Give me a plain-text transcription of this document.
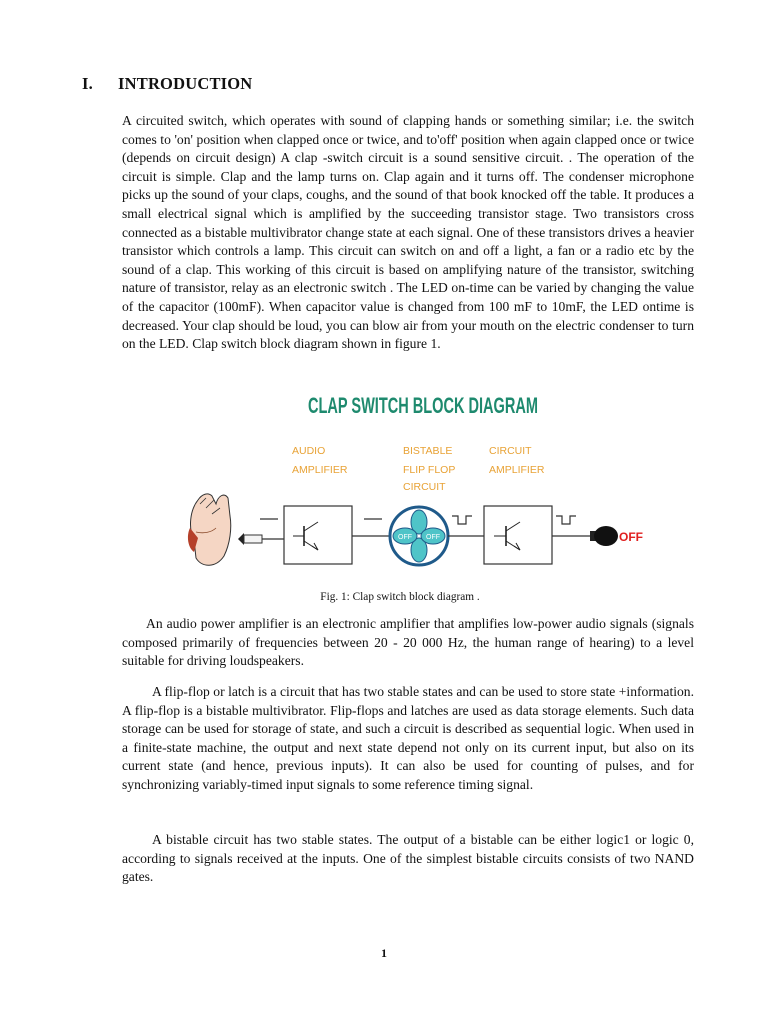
I. INTRODUCTION

A circuited switch, which operates with sound of clapping hands or something similar; i.e. the switch comes to 'on' position when clapped once or twice, and to'off' position when again clapped once or twice (depends on circuit design) A clap -switch circuit is a sound sensitive circuit. . The operation of the circuit is simple. Clap and the lamp turns on. Clap again and it turns off. The condenser microphone picks up the sound of your claps, coughs, and the sound of that book knocked off the table. It produces a small electrical signal which is amplified by the succeeding transistor stage. Two transistors cross connected as a bistable multivibrator change state at each signal. One of these transistors drives a heavier transistor which controls a lamp. This circuit can switch on and off a light, a fan or a radio etc by the sound of a clap. This working of this circuit is based on amplifying nature of the transistor, switching nature of transistor, relay as an electronic switch . The LED on-time can be varied by changing the value of the capacitor (100mF). When capacitor value is changed from 100 mF to 10mF, the LED ontime is decreased. Your clap should be loud, you can blow air from your mouth on the electric condenser to turn on the LED. Clap switch block diagram shown in figure 1.

CLAP SWITCH BLOCK DIAGRAM
AUDIO
AMPLIFIER
BISTABLE
FLIP FLOP
CIRCUIT
CIRCUIT
AMPLIFIER
OFF OFF	OFF
Fig. 1: Clap switch block diagram .

An audio power amplifier is an electronic amplifier that amplifies low-power audio signals (signals composed primarily of frequencies between 20 - 20 000 Hz, the human range of hearing) to a level suitable for driving loudspeakers.

A flip-flop or latch is a circuit that has two stable states and can be used to store state +information. A flip-flop is a bistable multivibrator. Flip-flops and latches are used as data storage elements. Such data storage can be used for storage of state, and such a circuit is described as sequential logic. When used in a finite-state machine, the output and next state depend not only on its current input, but also on its current state (and hence, previous inputs). It can also be used for counting of pulses, and for synchronizing variably-timed input signals to some reference timing signal.

A bistable circuit has two stable states. The output of a bistable can be either logic1 or logic 0, according to signals received at the inputs. One of the simplest bistable circuits consists of two NAND gates.

1
